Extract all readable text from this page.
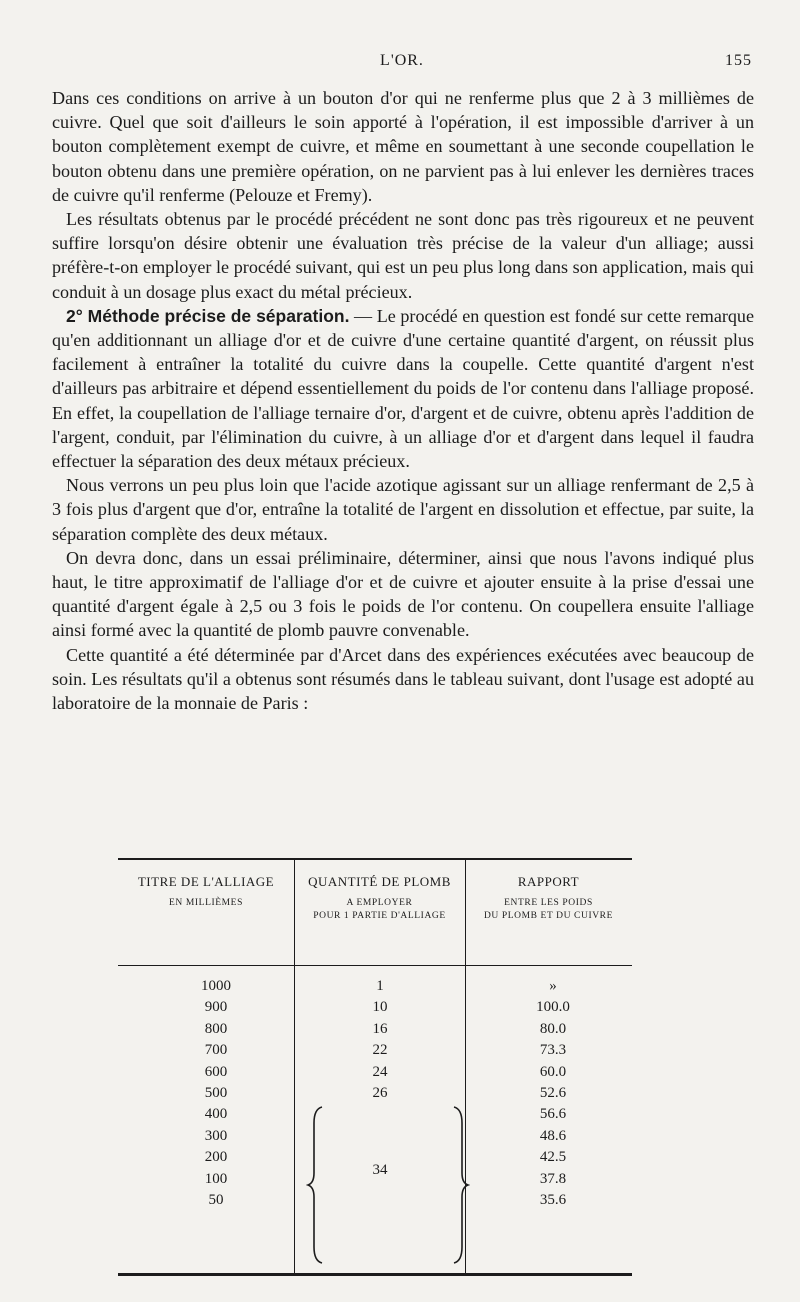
L'OR.	155

Dans ces conditions on arrive à un bouton d'or qui ne renferme plus que 2 à 3 millièmes de cuivre. Quel que soit d'ailleurs le soin apporté à l'opération, il est impossible d'arriver à un bouton complètement exempt de cuivre, et même en soumettant à une seconde coupellation le bouton obtenu dans une première opération, on ne parvient pas à lui enlever les dernières traces de cuivre qu'il renferme (Pelouze et Fremy).

Les résultats obtenus par le procédé précédent ne sont donc pas très rigoureux et ne peuvent suffire lorsqu'on désire obtenir une évaluation très précise de la valeur d'un alliage; aussi préfère-t-on employer le procédé suivant, qui est un peu plus long dans son application, mais qui conduit à un dosage plus exact du métal précieux.

2° Méthode précise de séparation. — Le procédé en question est fondé sur cette remarque qu'en additionnant un alliage d'or et de cuivre d'une certaine quantité d'argent, on réussit plus facilement à entraîner la totalité du cuivre dans la coupelle. Cette quantité d'argent n'est d'ailleurs pas arbitraire et dépend essentiellement du poids de l'or contenu dans l'alliage proposé. En effet, la coupellation de l'alliage ternaire d'or, d'argent et de cuivre, obtenu après l'addition de l'argent, conduit, par l'élimination du cuivre, à un alliage d'or et d'argent dans lequel il faudra effectuer la séparation des deux métaux précieux.

Nous verrons un peu plus loin que l'acide azotique agissant sur un alliage renfermant de 2,5 à 3 fois plus d'argent que d'or, entraîne la totalité de l'argent en dissolution et effectue, par suite, la séparation complète des deux métaux.

On devra donc, dans un essai préliminaire, déterminer, ainsi que nous l'avons indiqué plus haut, le titre approximatif de l'alliage d'or et de cuivre et ajouter ensuite à la prise d'essai une quantité d'argent égale à 2,5 ou 3 fois le poids de l'or contenu. On coupellera ensuite l'alliage ainsi formé avec la quantité de plomb pauvre convenable.

Cette quantité a été déterminée par d'Arcet dans des expériences exécutées avec beaucoup de soin. Les résultats qu'il a obtenus sont résumés dans le tableau suivant, dont l'usage est adopté au laboratoire de la monnaie de Paris :

TITRE DE L'ALLIAGE
EN MILLIÈMES
QUANTITÉ DE PLOMB
A EMPLOYER
POUR 1 PARTIE D'ALLIAGE
RAPPORT
ENTRE LES POIDS
DU PLOMB ET DU CUIVRE
1000
900
800
700
600
500
400
300
200
100
50
1
10
16
22
24
26
34
»
100.0
80.0
73.3
60.0
52.6
56.6
48.6
42.5
37.8
35.6
